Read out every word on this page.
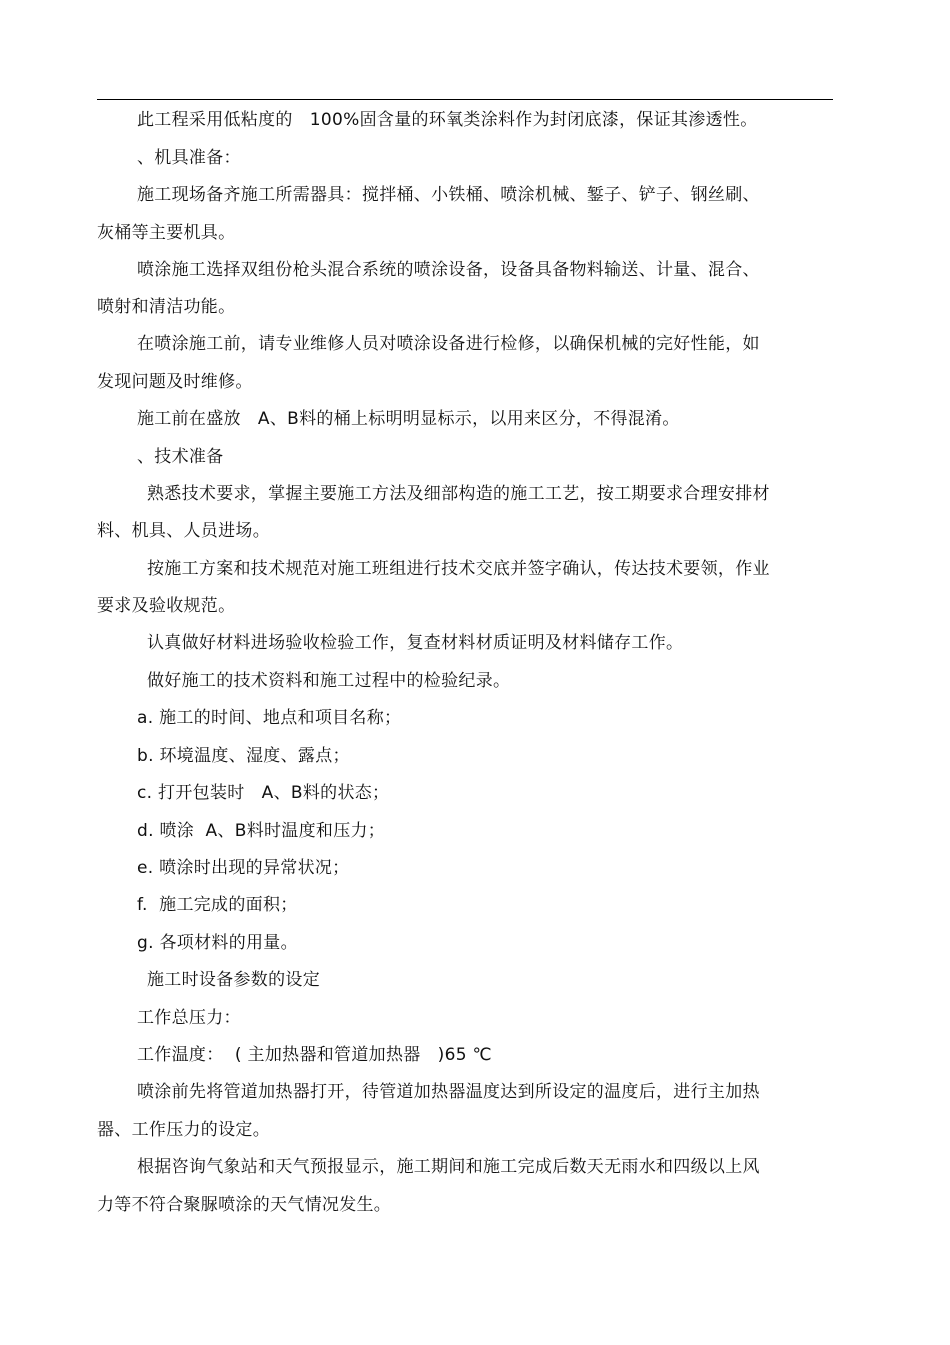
此工程采用低粘度的   100%固含量的环氧类涂料作为封闭底漆，保证其渗透性。
、机具准备：
施工现场备齐施工所需器具：搅拌桶、小铁桶、喷涂机械、錾子、铲子、钢丝刷、
灰桶等主要机具。
喷涂施工选择双组份枪头混合系统的喷涂设备，设备具备物料输送、计量、混合、
喷射和清洁功能。
在喷涂施工前，请专业维修人员对喷涂设备进行检修，以确保机械的完好性能，如
发现问题及时维修。
施工前在盛放   A、B料的桶上标明明显标示，以用来区分，不得混淆。
、技术准备
熟悉技术要求，掌握主要施工方法及细部构造的施工工艺，按工期要求合理安排材
料、机具、人员进场。
按施工方案和技术规范对施工班组进行技术交底并签字确认，传达技术要领，作业
要求及验收规范。
认真做好材料进场验收检验工作，复查材料材质证明及材料储存工作。
做好施工的技术资料和施工过程中的检验纪录。
a. 施工的时间、地点和项目名称；
b. 环境温度、湿度、露点；
c. 打开包装时   A、B料的状态；
d. 喷涂  A、B料时温度和压力；
e. 喷涂时出现的异常状况；
f.  施工完成的面积；
g. 各项材料的用量。
施工时设备参数的设定
工作总压力：
工作温度：  ( 主加热器和管道加热器   )65 ℃
喷涂前先将管道加热器打开，待管道加热器温度达到所设定的温度后，进行主加热
器、工作压力的设定。
根据咨询气象站和天气预报显示，施工期间和施工完成后数天无雨水和四级以上风
力等不符合聚脲喷涂的天气情况发生。
